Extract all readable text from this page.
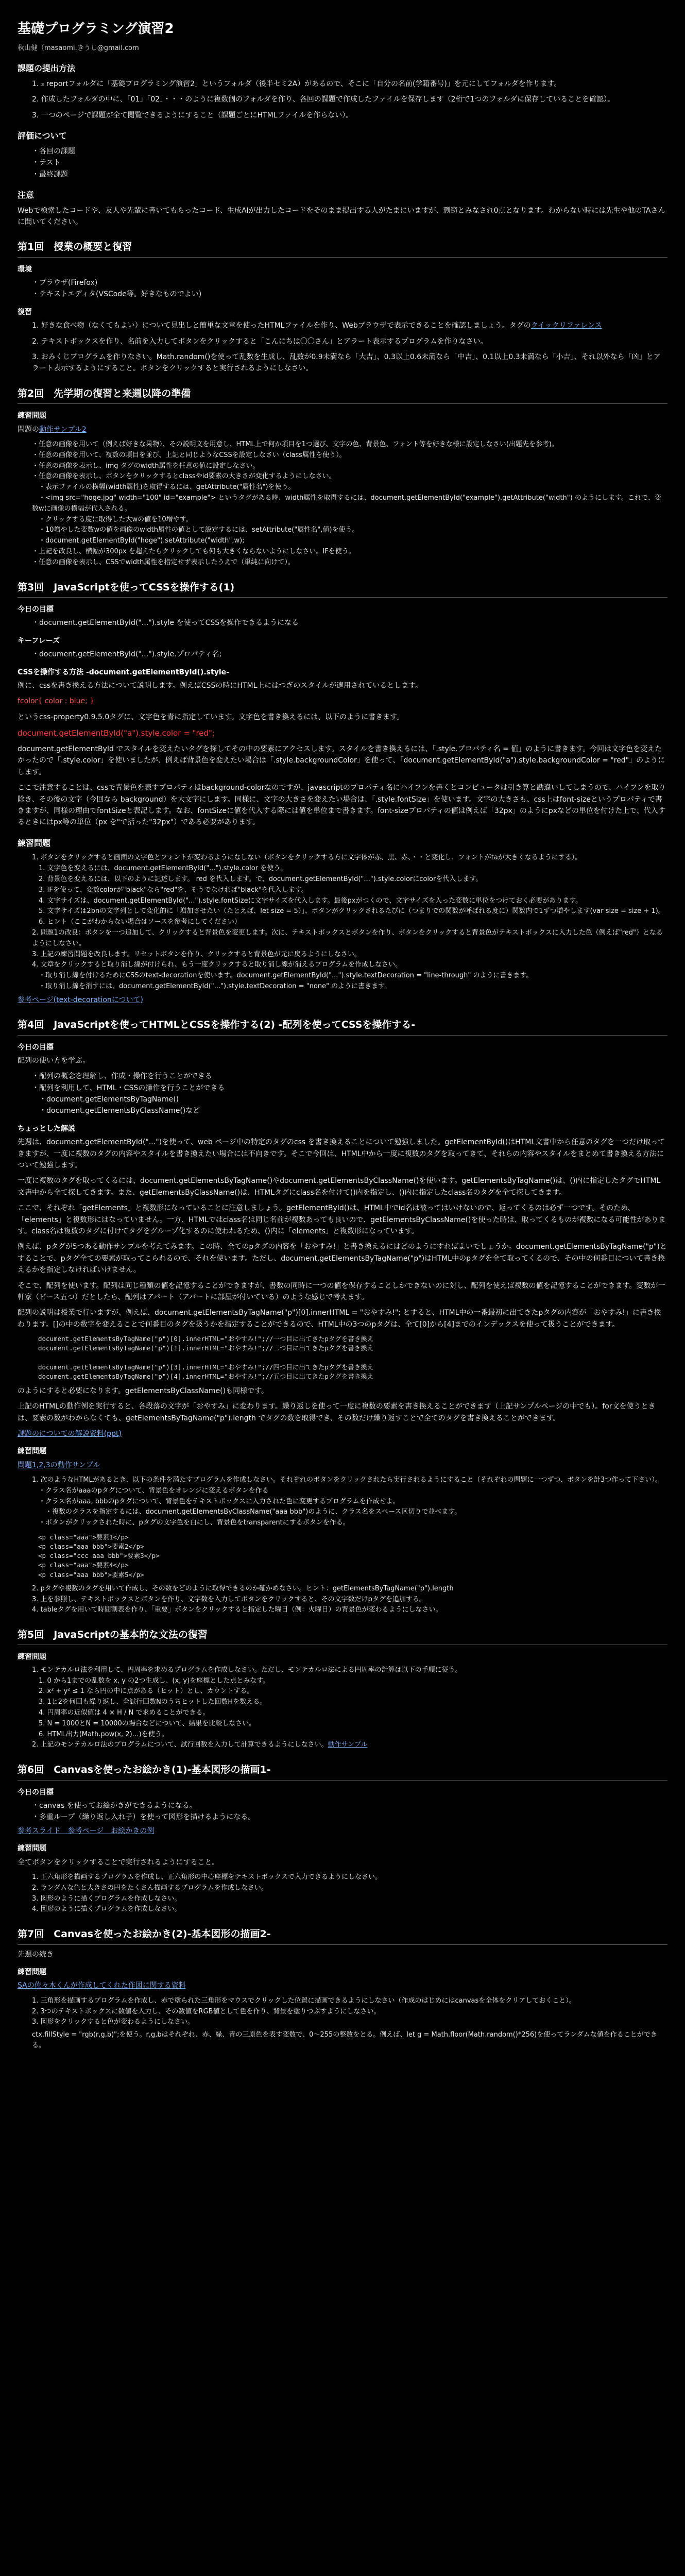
基礎プログラミング演習2
秋山健（masaomi.きうし@gmail.com
課題の提出方法

1. ₃ reportフォルダに「基礎プログラミング演習2」というフォルダ（後半セミ2A）があるので、そこに「自分の名前(学籍番号)」を元にしてフォルダを作ります。

2. 作成したフォルダの中に、「01」「02」・・・のように複数個のフォルダを作り、各回の課題で作成したファイルを保存します（2桁で1つのフォルダに保存していることを確認）。

3. 一つのページで課題が全て閲覧できるようにすること（課題ごとにHTMLファイルを作らない）。

評価について
・各回の課題
・テスト
・最終課題
注意

Webで検索したコードや、友人や先輩に書いてもらったコード、生成AIが出力したコードをそのまま提出する人がたまにいますが、剽窃とみなされ0点となります。わからない時には先生や他のTAさんに聞いてください。

第1回　授業の概要と復習
環境
・ブラウザ(Firefox)
・テキストエディタ(VSCode等。好きなものでよい)
復習

1. 好きな食べ物（なくてもよい）について見出しと簡単な文章を使ったHTMLファイルを作り、Webブラウザで表示できることを確認しましょう。タグのクイックリファレンス

2. テキストボックスを作り、名前を入力してボタンをクリックすると「こんにちは〇〇さん」とアラート表示するプログラムを作りなさい。

3. おみくじプログラムを作りなさい。Math.random()を使って乱数を生成し、乱数が0.9未満なら「大吉」、0.3以上0.6未満なら「中吉」、0.1以上0.3未満なら「小吉」、それ以外なら「凶」とアラート表示するようにすること。ボタンをクリックすると実行されるようにしなさい。

第2回　先学期の復習と来週以降の準備
練習問題

問題の動作サンプル2

・任意の画像を用いて（例えば好きな果物）、その説明文を用意し、HTML上で何か項目を1つ選び、文字の色、背景色、フォント等を好きな様に設定しなさい(出題先を参考)。
・任意の画像を用いて、複数の項目を並び、上記と同じようなCSSを設定しなさい（class属性を使う）。
・任意の画像を表示し、img タグのwidth属性を任意の値に設定しなさい。
・任意の画像を表示し、ボタンをクリックするとclassやid要素の大きさが変化するようにしなさい。
　・表示ファイルの横幅(width属性)を取得するには、getAttribute("属性名")を使う。
　・<img src="hoge.jpg" width="100" id="example"> というタグがある時、width属性を取得するには、document.getElementById("example").getAttribute("width") のようにします。これで、変数wに画像の横幅が代入される。
　・クリックする度に取得した大wの値を10増やす。
　・10増やした変数wの値を画像のwidth属性の値として設定するには、setAttribute("属性名",値)を使う。
　・document.getElementById("hoge").setAttribute("width",w);
・上記を改良し、横幅が300px を超えたらクリックしても何も大きくならないようにしなさい。IFを使う。
・任意の画像を表示し、CSSでwidth属性を指定せず表示したうえで（単純に向けて）。
第3回　JavaScriptを使ってCSSを操作する(1)
今日の目標
・document.getElementById("...").style を使ってCSSを操作できるようになる
キーフレーズ
・document.getElementById("...").style.プロパティ名;
CSSを操作する方法 -document.getElementById().style-

例に、cssを書き換える方法について説明します。例えばCSSの時にHTML上にはつぎのスタイルが適用されているとします。

fcolor{ color : blue; }

というcss-property0.9.5.0タグに、文字色を青に指定しています。文字色を書き換えるには、以下のように書きます。

document.getElementById("a").style.color = "red";

document.getElementById でスタイルを変えたいタグを探してその中の要素にアクセスします。スタイルを書き換えるには、「.style.プロパティ名 = 値」のように書きます。今回は文字色を変えたかったので「.style.color」を使いましたが、例えば背景色を変えたい場合は「.style.backgroundColor」を使って、「document.getElementById("a").style.backgroundColor = "red"」のようにします。

ここで注意することは、cssで背景色を表すプロパティはbackground-colorなのですが、javascriptのプロパティ名にハイフンを書くとコンピュータは引き算と勘違いしてしまうので、ハイフンを取り除き、その後の文字（今回なら background）を大文字にします。同様に、文字の大きさを変えたい場合は、「.style.fontSize」を使います。文字の大きさも、css上はfont-sizeというプロパティで書きますが、同様の理由でfontSizeと表記します。なお、fontSizeに値を代入する際には値を単位まで書きます。font-sizeプロパティの値は例えば「32px」のようにpxなどの単位を付けた上で、代入するときにはpx等の単位（px を"で括った"32px"）である必要があります。

練習問題
1. ボタンをクリックすると画面の文字色とフォントが変わるようになしない（ボタンをクリックする方に文字体が赤、黒、赤、・・と変化し、フォントがtaが大きくなるようにする）。
　1. 文字色を変えるには、document.getElementById("...").style.color を使う。
　2. 背景色を変えるには、以下のように記述します。 red を代入します。で、document.getElementById("...").style.colorにcolorを代入します。
　3. IFを使って、変数colorが"black"なら"red"を、そうでなければ"black"を代入します。
　4. 文字サイズは、document.getElementById("...").style.fontSizeに文字サイズを代入します。最後pxがつくので、文字サイズを入った変数に単位をつけておく必要があります。
　5. 文字サイズは2bnの文字列として変化的に「増加させたい（たとえば、let size = 5）」、ボタンがクリックされるたびに（つまりでの関数が呼ばれる度に）関数内で1ずつ増やします(var size = size + 1)。
　6. ヒント（ここがわからない場合はソースを参考にしてください）
2. 問題1の改良：ボタンを一つ追加して、クリックすると背景色を変更します。次に、テキストボックスとボタンを作り、ボタンをクリックすると背景色がテキストボックスに入力した色（例えば"red"）となるようにしなさい。
3. 上記の練習問題を改良します。リセットボタンを作り、クリックすると背景色が元に戻るようにしなさい。
4. 文章をクリックすると取り消し線が付けられ、もう一度クリックすると取り消し線が消えるプログラムを作成しなさい。
　・取り消し線を付けるためにCSSのtext-decorationを使います。document.getElementById("...").style.textDecoration = "line-through" のように書きます。
　・取り消し線を消すには、document.getElementById("...").style.textDecoration = "none" のように書きます。

参考ページ(text-decorationについて)

第4回　JavaScriptを使ってHTMLとCSSを操作する(2) -配列を使ってCSSを操作する-
今日の目標

配列の使い方を学ぶ。

・配列の概念を理解し、作成・操作を行うことができる
・配列を利用して、HTML・CSSの操作を行うことができる
　・document.getElementsByTagName()
　・document.getElementsByClassName()など
ちょっとした解説

先週は、document.getElementById("...")を使って、web ページ中の特定のタグのcss を書き換えることについて勉強しました。getElementById()はHTML文書中から任意のタグを一つだけ取ってきますが、一度に複数のタグの内容やスタイルを書き換えたい場合には不向きです。そこで今回は、HTML中から一度に複数のタグを取ってきて、それらの内容やスタイルをまとめて書き換える方法について勉強します。

一度に複数のタグを取ってくるには、document.getElementsByTagName()やdocument.getElementsByClassName()を使います。getElementsByTagName()は、()内に指定したタグでHTML文書中から全て探してきます。また、getElementsByClassName()は、HTMLタグにclass名を付けて()内を指定し、()内に指定したclass名のタグを全て探してきます。

ここで、それぞれ「getElements」と複数形になっていることに注意しましょう。getElementById()は、HTML中でid名は被ってはいけないので、返ってくるのは必ず一つです。そのため、「elements」と複数形にはなっていません。一方、HTMLではclass名は同じ名前が複数あっても良いので、getElementsByClassName()を使った時は、取ってくるものが複数になる可能性があります。class名は複数のタグに付けてタグをグループ化するのに使われるため、()内に「elements」と複数形になっています。

例えば、pタグが5つある動作サンプルを考えてみます。この時、全てのpタグの内容を「おやすみ!」と書き換えるにはどのようにすればよいでしょうか。document.getElementsByTagName("p")とすることで、pタグ全ての要素が取ってこられるので、それを使います。ただし、document.getElementsByTagName("p")はHTML中のpタグを全て取ってくるので、その中の何番目について書き換えるかを指定しなければいけません。

そこで、配列を使います。配列は同じ種類の値を記憶することができますが、書数の同時に一つの値を保存することしかできないのに対し、配列を使えば複数の値を記憶することができます。変数が一軒家（ピース五つ）だとしたら、配列はアパート（アパートに部屋が付いている）のような感じで考えます。

配列の説明は授業で行いますが、例えば、document.getElementsByTagName("p")[0].innerHTML = "おやすみ!"; とすると、HTML中の一番最初に出てきたpタグの内容が「おやすみ!」に書き換わります。[]の中の数字を変えることで何番目のタグを扱うかを指定することができるので、HTML中の3つのpタグは、全て[0]から[4]までのインデックスを使って扱うことができます。

document.getElementsByTagName("p")[0].innerHTML="おやすみ!";//一つ目に出てきたpタグを書き換え
document.getElementsByTagName("p")[1].innerHTML="おやすみ!";//二つ目に出てきたpタグを書き換え

document.getElementsByTagName("p")[3].innerHTML="おやすみ!";//四つ目に出てきたpタグを書き換え
document.getElementsByTagName("p")[4].innerHTML="おやすみ!";//五つ目に出てきたpタグを書き換え

のようにすると必要になります。getElementsByClassName()も同様です。

上記のHTMLの動作例を実行すると、各段落の文字が「おやすみ」に変わります。繰り返しを使って一度に複数の要素を書き換えることができます（上記サンプルページの中でも）。for文を使うときは、要素の数がわからなくても、getElementsByTagName("p").length でタグの数を取得でき、その数だけ繰り返すことで全てのタグを書き換えることができます。

課題のについての解説資料(ppt)

練習問題

問題1,2,3の動作サンプル

1. 次のようなHTMLがあるとき、以下の条件を満たすプログラムを作成しなさい。それぞれのボタンをクリックされたら実行されるようにすること（それぞれの問題に一つずつ、ボタンを計3つ作って下さい）。
　・クラス名がaaaのpタグについて、背景色をオレンジに変えるボタンを作る
　・クラス名がaaa, bbbのpタグについて、背景色をテキストボックスに入力された色に変更するプログラムを作成せよ。
　　・複数のクラスを指定するには、document.getElementsByClassName("aaa bbb")のように、クラス名をスペース区切りで並べます。
　・ボタンがクリックされた時に、pタグの文字色を白にし、背景色をtransparentにするボタンを作る。
<p class="aaa">要素1</p>
<p class="aaa bbb">要素2</p>
<p class="ccc aaa bbb">要素3</p>
<p class="aaa">要素4</p>
<p class="aaa bbb">要素5</p>
2. pタグや複数のタグを用いて作成し、その数をどのように取得できるのか確かめなさい。ヒント：getElementsByTagName("p").length
3. 上を参照し、テキストボックスとボタンを作り、文字数を入力してボタンをクリックすると、その文字数だけpタグを追加する。
4. tableタグを用いて時間割表を作り、「重要」ボタンをクリックすると指定した曜日（例：火曜日）の背景色が変わるようにしなさい。
第5回　JavaScriptの基本的な文法の復習
練習問題
1. モンテカルロ法を利用して、円周率を求めるプログラムを作成しなさい。ただし、モンテカルロ法による円周率の計算は以下の手順に従う。
　1. 0 から1までの乱数を x, y の2つ生成し、(x, y)を座標とした点とみなす。
　2. x² + y² ≤ 1 なら円の中に点がある（ヒット）とし、カウントする。
　3. 1と2を何回も繰り返し、全試行回数Nのうちヒットした回数Hを数える。
　4. 円周率の近似値は 4 × H / N で求めることができる。
　5. N = 1000とN = 10000の場合などについて、結果を比較しなさい。
　6. HTML出力(Math.pow(x, 2)…)を使う。
2. 上記のモンテカルロ法のプログラムについて、試行回数を入力して計算できるようにしなさい。動作サンプル
第6回　Canvasを使ったお絵かき(1)-基本図形の描画1-
今日の目標
・canvas を使ってお絵かきができるようになる。
・多重ループ（繰り返し入れ子）を使って図形を描けるようになる。

参考スライド　参考ページ　お絵かきの例

練習問題

全てボタンをクリックすることで実行されるようにすること。

1. 正六角形を描画するプログラムを作成し、正六角形の中心座標をテキストボックスで入力できるようにしなさい。
2. ランダムな色と大きさの円をたくさん描画するプログラムを作成しなさい。
3. 図形のように描くプログラムを作成しなさい。
4. 図形のように描くプログラムを作成しなさい。
第7回　Canvasを使ったお絵かき(2)-基本図形の描画2-

先週の続き

練習問題

SAの佐々木くんが作成してくれた作図に関する資料

1. 三角形を描画するプログラムを作成し、赤で塗られた三角形をマウスでクリックした位置に描画できるようにしなさい（作成のはじめにはcanvasを全体をクリアしておくこと）。
2. 3つのテキストボックスに数値を入力し、その数値をRGB値として色を作り、背景を塗りつぶすようにしなさい。
3. 図形をクリックすると色が変わるようにしなさい。

ctx.fillStyle = "rgb(r,g,b)";を使う。r,g,bはそれぞれ、赤、緑、青の三原色を表す変数で、0～255の整数をとる。例えば、let g = Math.floor(Math.random()*256)を使ってランダムな値を作ることができる。
